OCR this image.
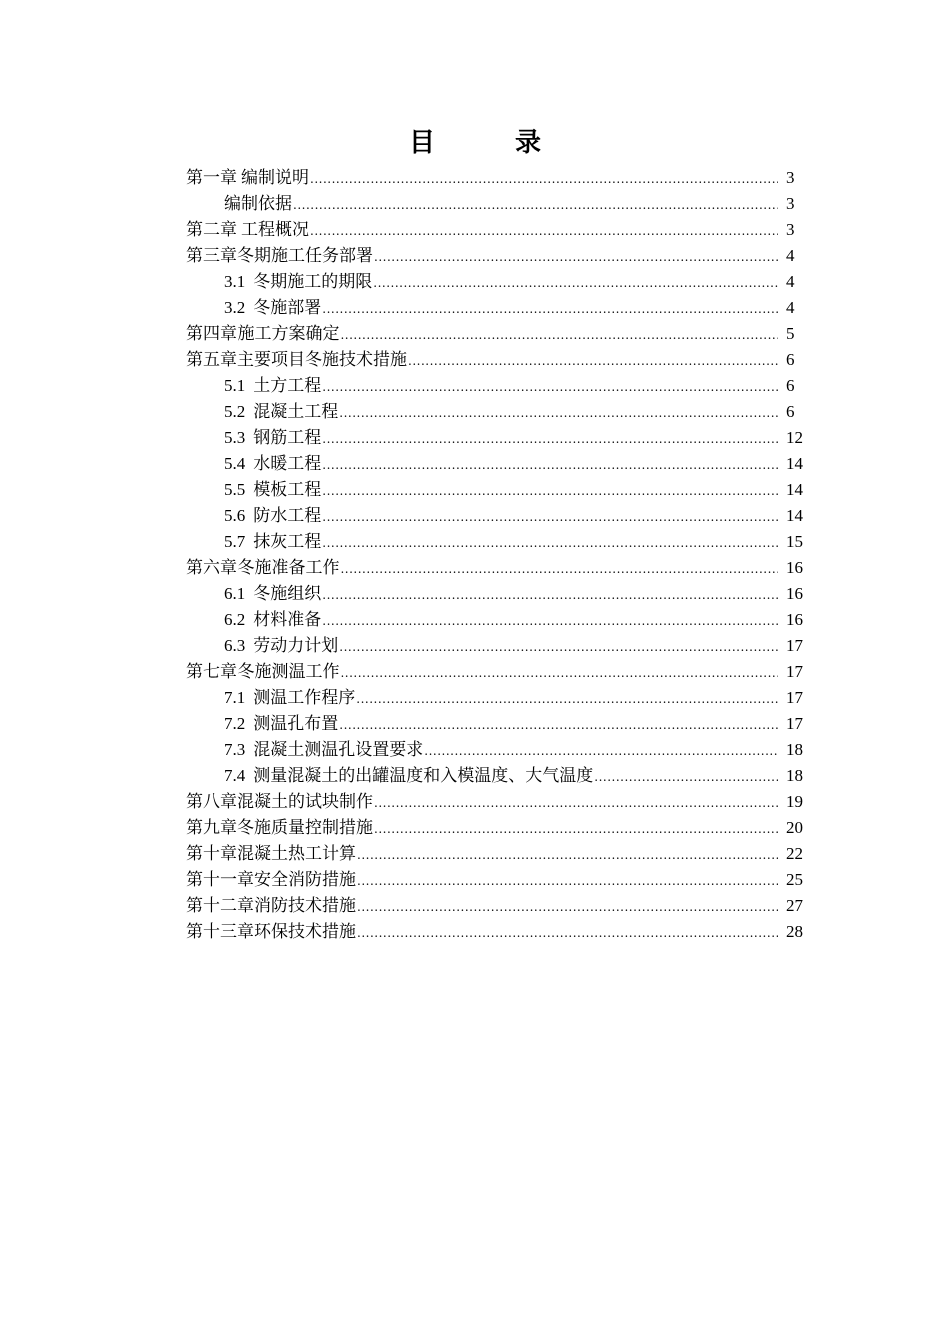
目	录
第一章 编制说明 .....	3
编制依据 .....	3
第二章 工程概况 .....	3
第三章 冬期施工任务部署 .....	4
3.1 冬期施工的期限 .....	4
3.2 冬施部署 .....	4
第四章 施工方案确定 .....	5
第五章 主要项目冬施技术措施 .....	6
5.1 土方工程 .....	6
5.2 混凝土工程 .....	6
5.3 钢筋工程 .....	12
5.4 水暖工程 .....	14
5.5 模板工程 .....	14
5.6 防水工程 .....	14
5.7 抹灰工程 .....	15
第六章 冬施准备工作 .....	16
6.1 冬施组织 .....	16
6.2 材料准备 .....	16
6.3 劳动力计划 .....	17
第七章 冬施测温工作 .....	17
7.1 测温工作程序 .....	17
7.2 测温孔布置 .....	17
7.3 混凝土测温孔设置要求 .....	18
7.4 测量混凝土的出罐温度和入模温度、大气温度 .....	18
第八章 混凝土的试块制作 .....	19
第九章 冬施质量控制措施 .....	20
第十章 混凝土热工计算 .....	22
第十一章 安全消防措施 .....	25
第十二章 消防技术措施 .....	27
第十三章 环保技术措施 .....	28
